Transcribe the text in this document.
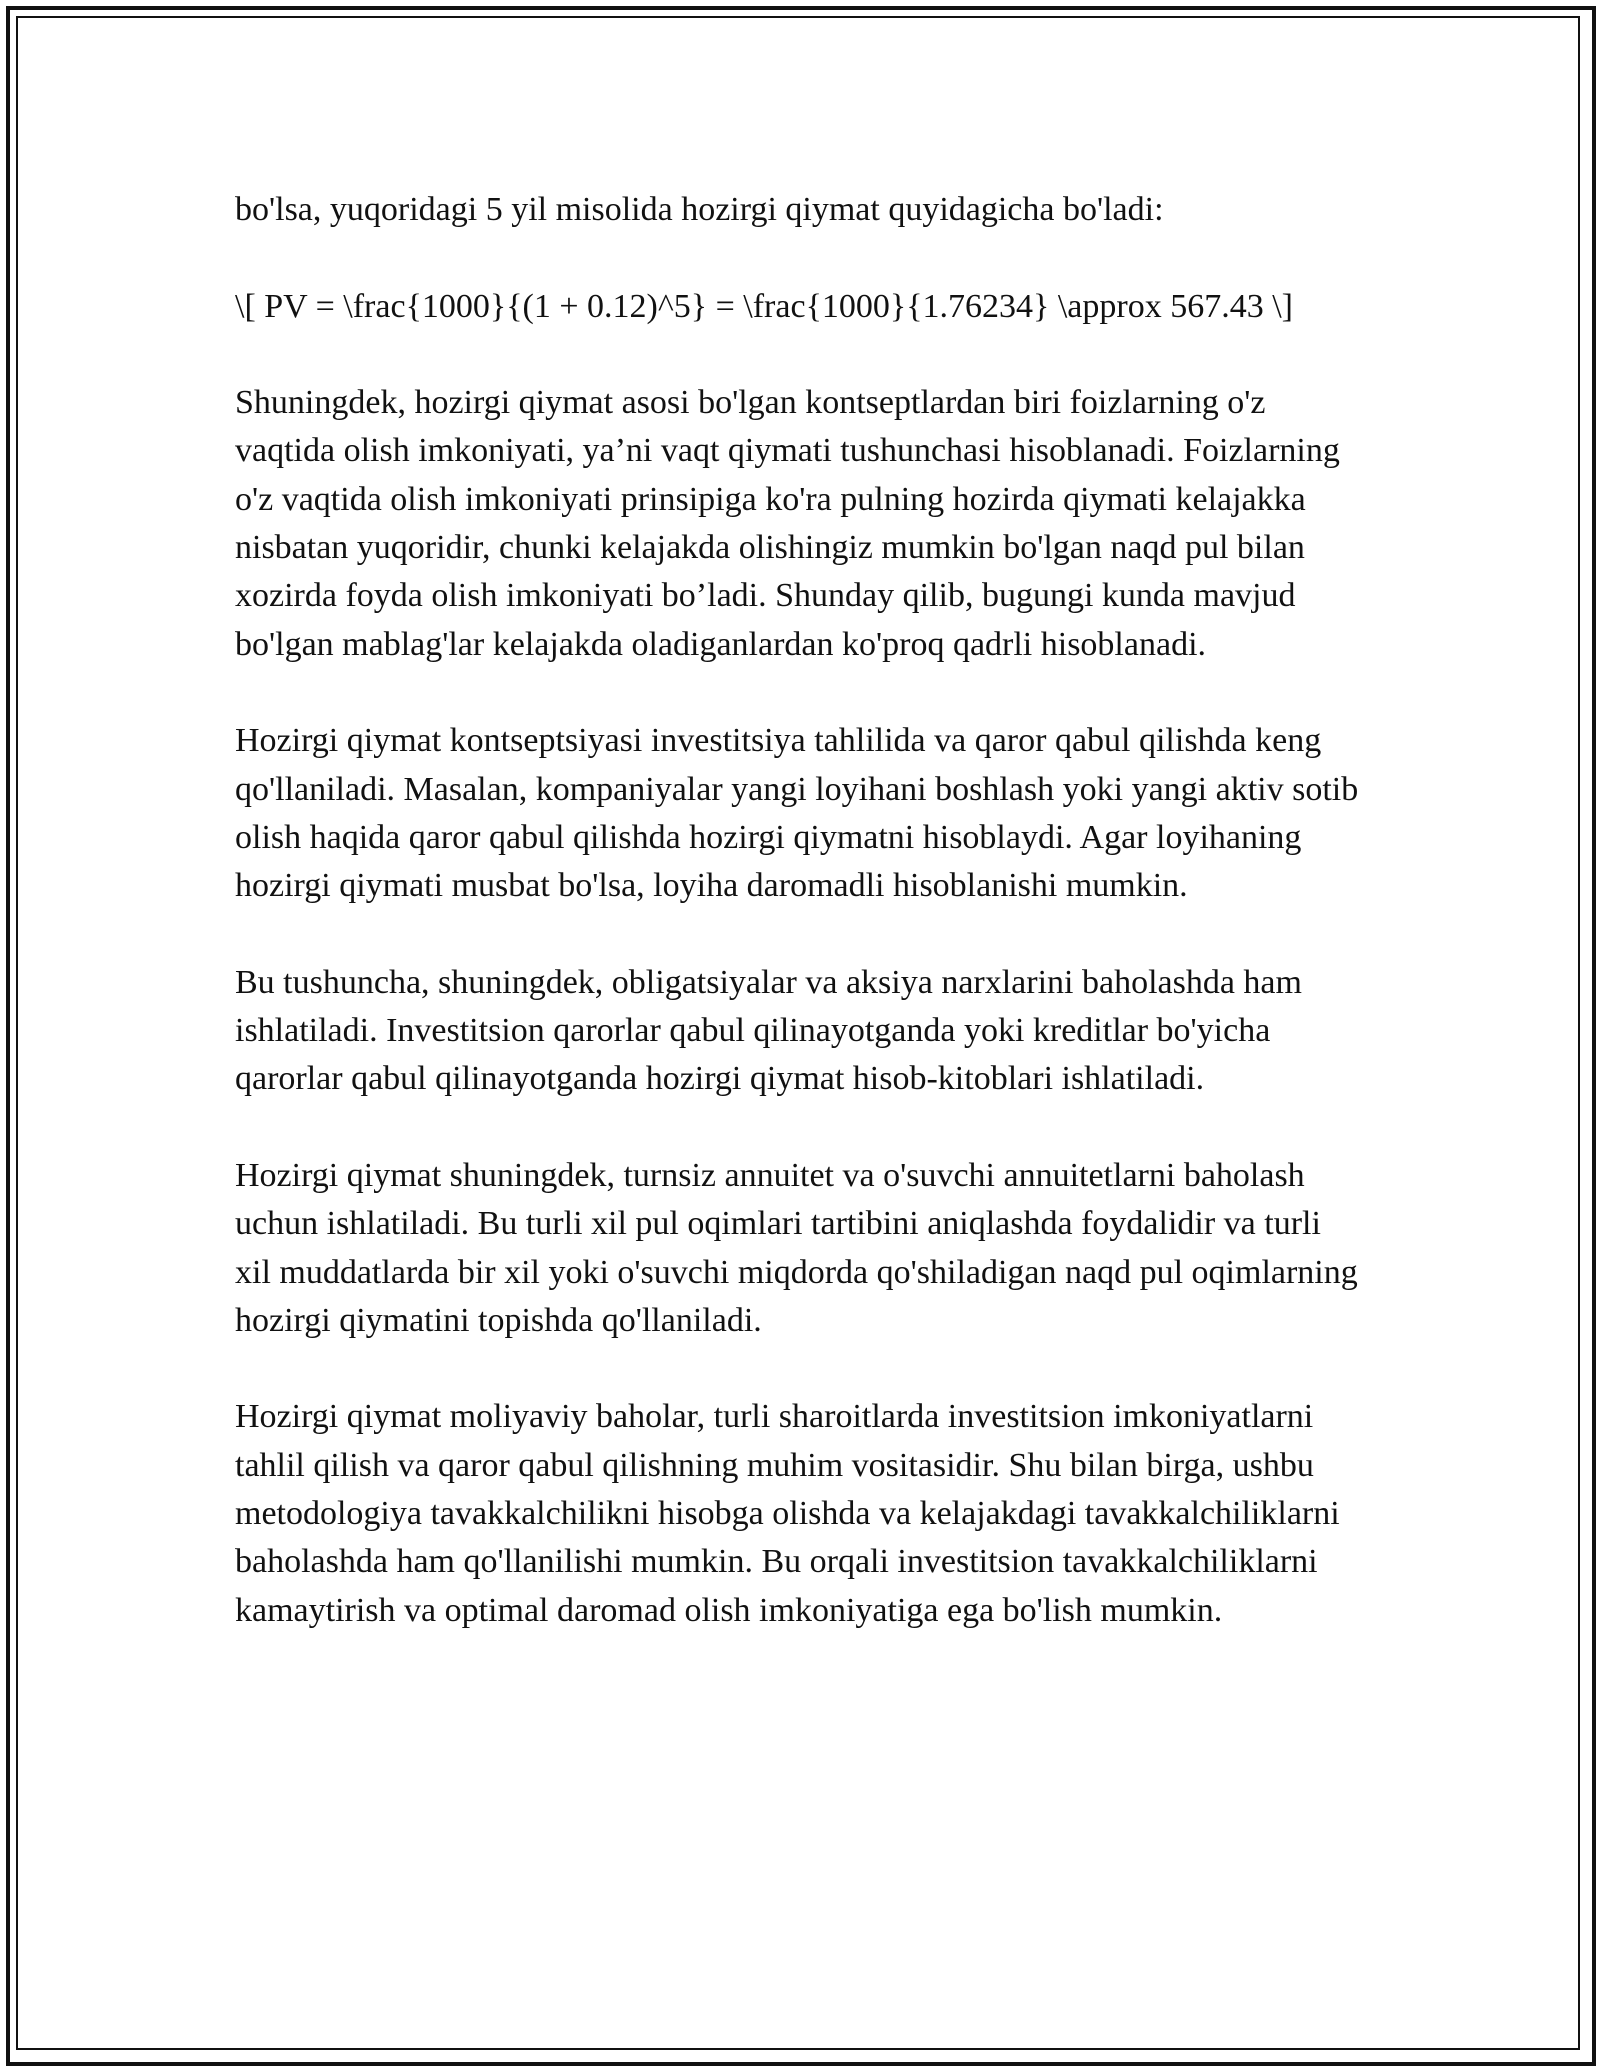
bo'lsa, yuqoridagi 5 yil misolida hozirgi qiymat quyidagicha bo'ladi:

\[ PV = \frac{1000}{(1 + 0.12)^5} = \frac{1000}{1.76234} \approx 567.43 \]

Shuningdek, hozirgi qiymat asosi bo'lgan kontseptlardan biri foizlarning o'z vaqtida olish imkoniyati, ya’ni vaqt qiymati tushunchasi hisoblanadi. Foizlarning o'z vaqtida olish imkoniyati prinsipiga ko'ra pulning hozirda qiymati kelajakka nisbatan yuqoridir, chunki kelajakda olishingiz mumkin bo'lgan naqd pul bilan xozirda foyda olish imkoniyati bo’ladi. Shunday qilib, bugungi kunda mavjud bo'lgan mablag'lar kelajakda oladiganlardan ko'proq qadrli hisoblanadi.

Hozirgi qiymat kontseptsiyasi investitsiya tahlilida va qaror qabul qilishda keng qo'llaniladi. Masalan, kompaniyalar yangi loyihani boshlash yoki yangi aktiv sotib olish haqida qaror qabul qilishda hozirgi qiymatni hisoblaydi. Agar loyihaning hozirgi qiymati musbat bo'lsa, loyiha daromadli hisoblanishi mumkin.

Bu tushuncha, shuningdek, obligatsiyalar va aksiya narxlarini baholashda ham ishlatiladi. Investitsion qarorlar qabul qilinayotganda yoki kreditlar bo'yicha qarorlar qabul qilinayotganda hozirgi qiymat hisob-kitoblari ishlatiladi.

Hozirgi qiymat shuningdek, turnsiz annuitet va o'suvchi annuitetlarni baholash uchun ishlatiladi. Bu turli xil pul oqimlari tartibini aniqlashda foydalidir va turli xil muddatlarda bir xil yoki o'suvchi miqdorda qo'shiladigan naqd pul oqimlarning hozirgi qiymatini topishda qo'llaniladi.

Hozirgi qiymat moliyaviy baholar, turli sharoitlarda investitsion imkoniyatlarni tahlil qilish va qaror qabul qilishning muhim vositasidir. Shu bilan birga, ushbu metodologiya tavakkalchilikni hisobga olishda va kelajakdagi tavakkalchiliklarni baholashda ham qo'llanilishi mumkin. Bu orqali investitsion tavakkalchiliklarni kamaytirish va optimal daromad olish imkoniyatiga ega bo'lish mumkin.
